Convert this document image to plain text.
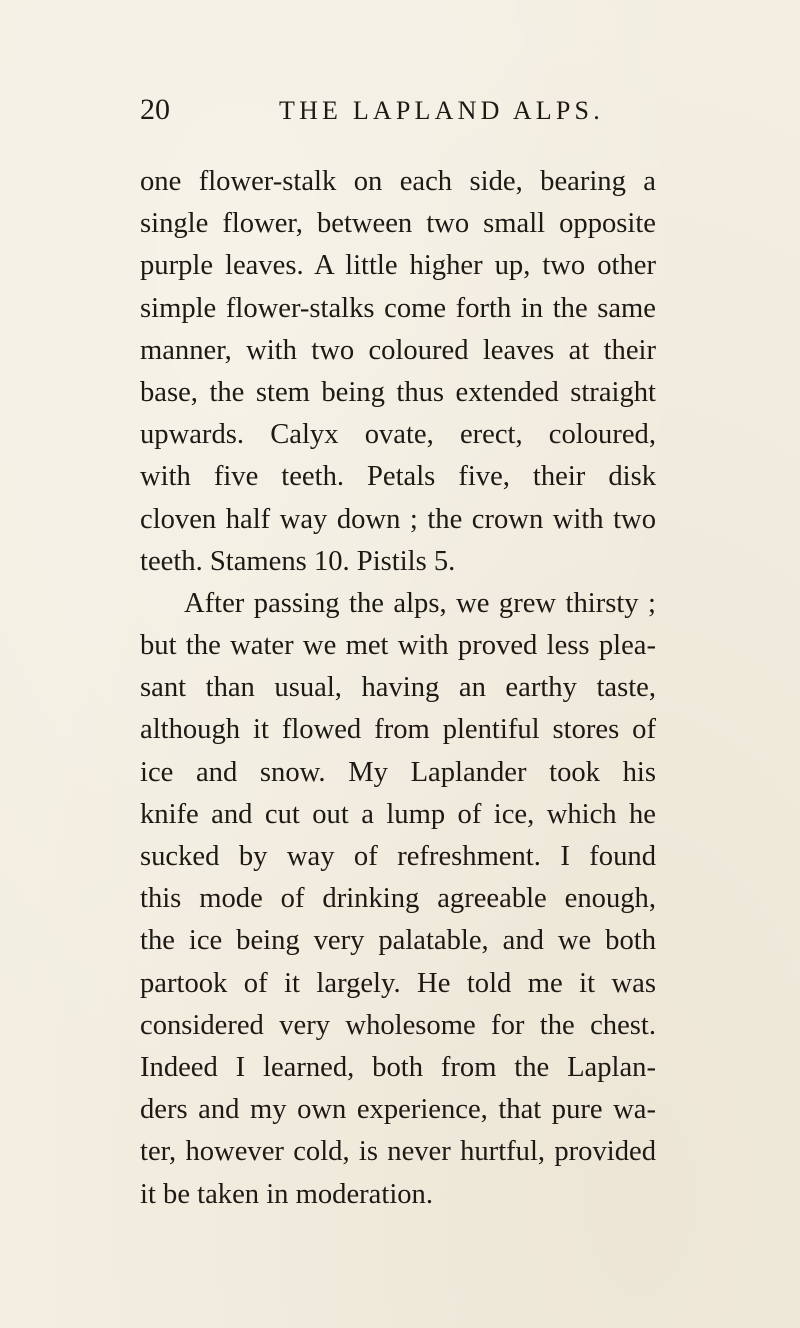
20	THE LAPLAND ALPS.
one flower-stalk on each side, bearing a
single flower, between two small opposite
purple leaves. A little higher up, two other
simple flower-stalks come forth in the same
manner, with two coloured leaves at their
base, the stem being thus extended straight
upwards. Calyx ovate, erect, coloured,
with five teeth. Petals five, their disk
cloven half way down ; the crown with two
teeth. Stamens 10. Pistils 5.
After passing the alps, we grew thirsty ;
but the water we met with proved less plea-
sant than usual, having an earthy taste,
although it flowed from plentiful stores of
ice and snow. My Laplander took his
knife and cut out a lump of ice, which he
sucked by way of refreshment. I found
this mode of drinking agreeable enough,
the ice being very palatable, and we both
partook of it largely. He told me it was
considered very wholesome for the chest.
Indeed I learned, both from the Laplan-
ders and my own experience, that pure wa-
ter, however cold, is never hurtful, provided
it be taken in moderation.
